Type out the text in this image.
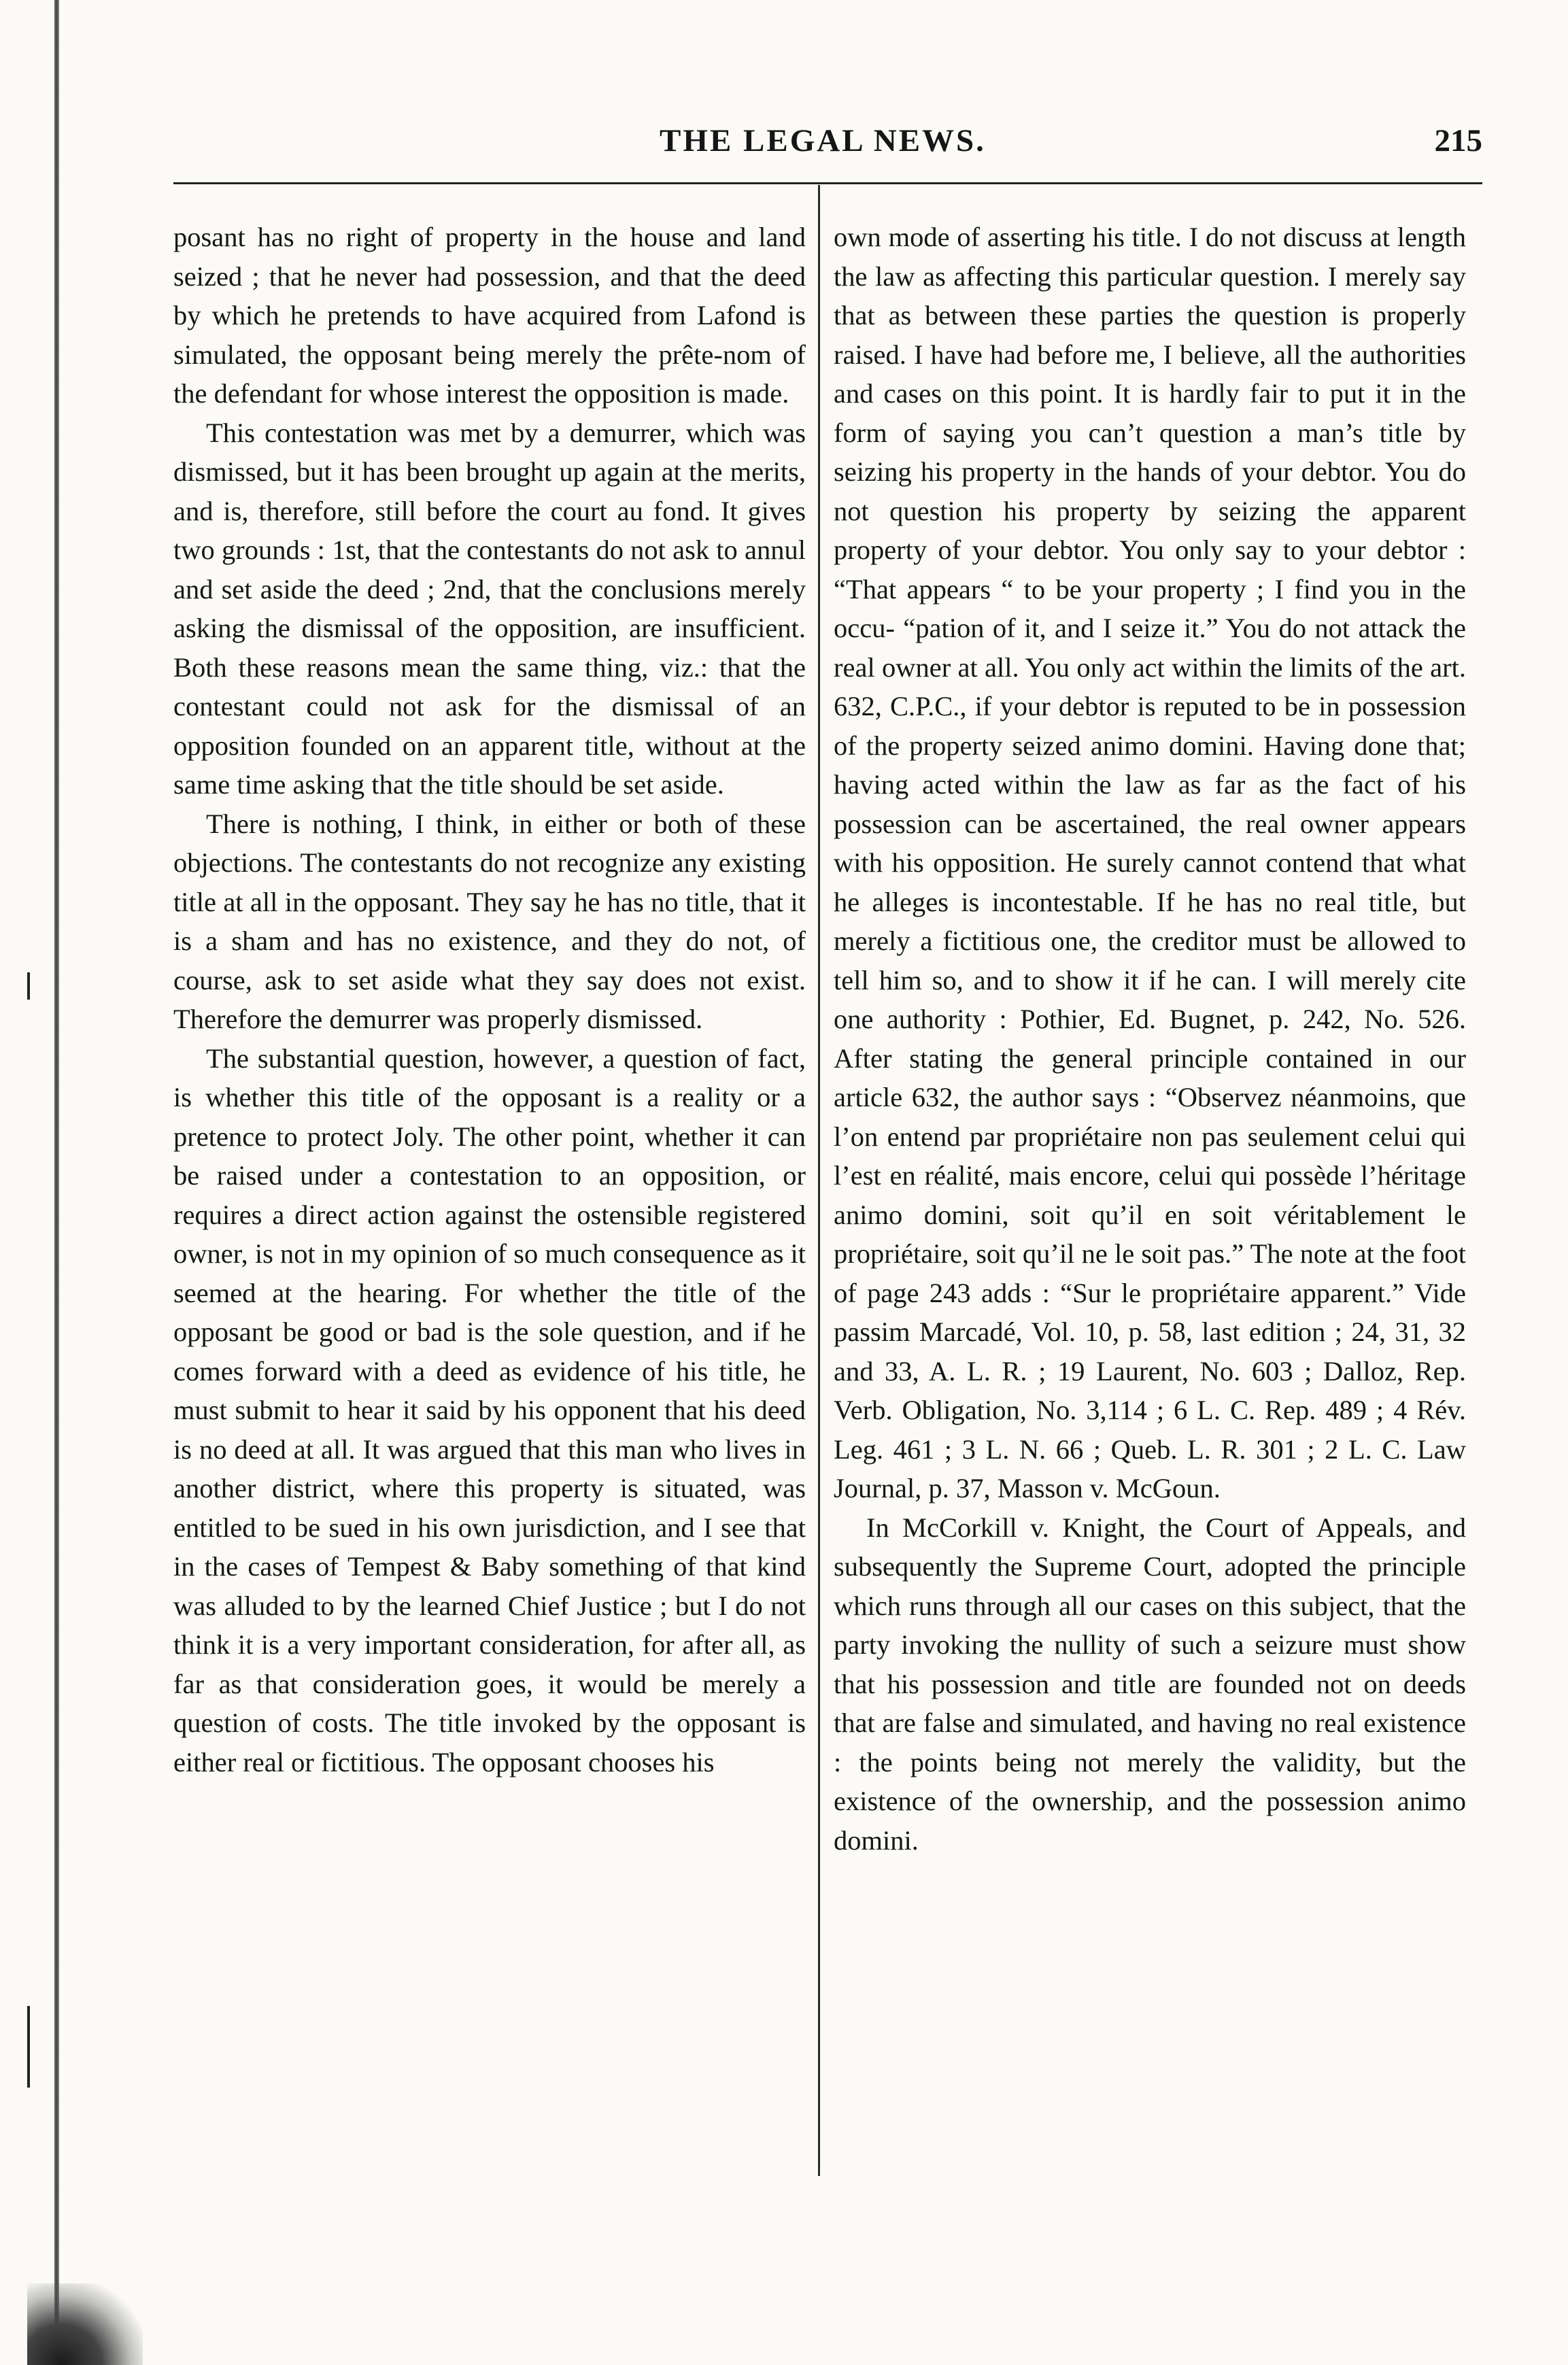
THE LEGAL NEWS.	215

posant has no right of property in the house and land seized ; that he never had possession, and that the deed by which he pretends to have acquired from Lafond is simulated, the opposant being merely the prête-nom of the defendant for whose interest the opposition is made.

This contestation was met by a demurrer, which was dismissed, but it has been brought up again at the merits, and is, therefore, still before the court au fond. It gives two grounds : 1st, that the contestants do not ask to annul and set aside the deed ; 2nd, that the conclusions merely asking the dismissal of the opposition, are insufficient. Both these reasons mean the same thing, viz.: that the contestant could not ask for the dismissal of an opposition founded on an apparent title, without at the same time asking that the title should be set aside.

There is nothing, I think, in either or both of these objections. The contestants do not recognize any existing title at all in the opposant. They say he has no title, that it is a sham and has no existence, and they do not, of course, ask to set aside what they say does not exist. Therefore the demurrer was properly dismissed.

The substantial question, however, a question of fact, is whether this title of the opposant is a reality or a pretence to protect Joly. The other point, whether it can be raised under a contestation to an opposition, or requires a direct action against the ostensible registered owner, is not in my opinion of so much consequence as it seemed at the hearing. For whether the title of the opposant be good or bad is the sole question, and if he comes forward with a deed as evidence of his title, he must submit to hear it said by his opponent that his deed is no deed at all. It was argued that this man who lives in another district, where this property is situated, was entitled to be sued in his own jurisdiction, and I see that in the cases of Tempest & Baby something of that kind was alluded to by the learned Chief Justice ; but I do not think it is a very important consideration, for after all, as far as that consideration goes, it would be merely a question of costs. The title invoked by the opposant is either real or fictitious. The opposant chooses his

own mode of asserting his title. I do not discuss at length the law as affecting this particular question. I merely say that as between these parties the question is properly raised. I have had before me, I believe, all the authorities and cases on this point. It is hardly fair to put it in the form of saying you can’t question a man’s title by seizing his property in the hands of your debtor. You do not question his property by seizing the apparent property of your debtor. You only say to your debtor : “That appears “ to be your property ; I find you in the occu- “pation of it, and I seize it.” You do not attack the real owner at all. You only act within the limits of the art. 632, C.P.C., if your debtor is reputed to be in possession of the property seized animo domini. Having done that; having acted within the law as far as the fact of his possession can be ascertained, the real owner appears with his opposition. He surely cannot contend that what he alleges is incontestable. If he has no real title, but merely a fictitious one, the creditor must be allowed to tell him so, and to show it if he can. I will merely cite one authority : Pothier, Ed. Bugnet, p. 242, No. 526. After stating the general principle contained in our article 632, the author says : “Observez néanmoins, que l’on entend par propriétaire non pas seulement celui qui l’est en réalité, mais encore, celui qui possède l’héritage animo domini, soit qu’il en soit véritablement le propriétaire, soit qu’il ne le soit pas.” The note at the foot of page 243 adds : “Sur le propriétaire apparent.” Vide passim Marcadé, Vol. 10, p. 58, last edition ; 24, 31, 32 and 33, A. L. R. ; 19 Laurent, No. 603 ; Dalloz, Rep. Verb. Obligation, No. 3,114 ; 6 L. C. Rep. 489 ; 4 Rév. Leg. 461 ; 3 L. N. 66 ; Queb. L. R. 301 ; 2 L. C. Law Journal, p. 37, Masson v. McGoun.

In McCorkill v. Knight, the Court of Appeals, and subsequently the Supreme Court, adopted the principle which runs through all our cases on this subject, that the party invoking the nullity of such a seizure must show that his possession and title are founded not on deeds that are false and simulated, and having no real existence : the points being not merely the validity, but the existence of the ownership, and the possession animo domini.
